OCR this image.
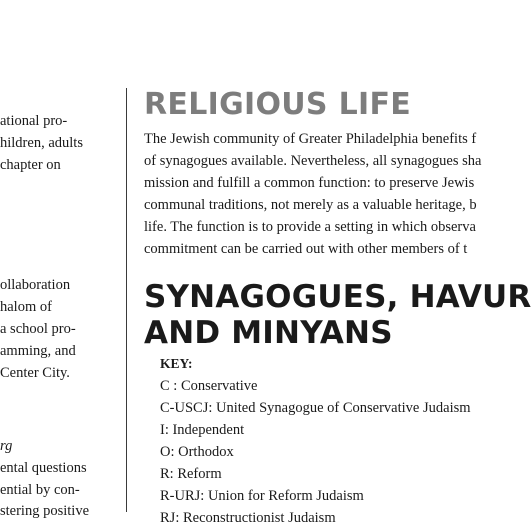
ational pro-
hildren, adults
chapter on
ollaboration
halom of
a school pro-
amming, and
Center City.
rg
ental questions
ential by con-
stering positive
RELIGIOUS LIFE
The Jewish community of Greater Philadelphia benefits f
of synagogues available. Nevertheless, all synagogues sha
mission and fulfill a common function: to preserve Jewis
communal traditions, not merely as a valuable heritage, b
life. The function is to provide a setting in which observa
commitment can be carried out with other members of t
SYNAGOGUES, HAVUR
AND MINYANS
KEY:
C : Conservative
C-USCJ: United Synagogue of Conservative Judaism
I: Independent
O: Orthodox
R: Reform
R-URJ: Union for Reform Judaism
RJ: Reconstructionist Judaism
